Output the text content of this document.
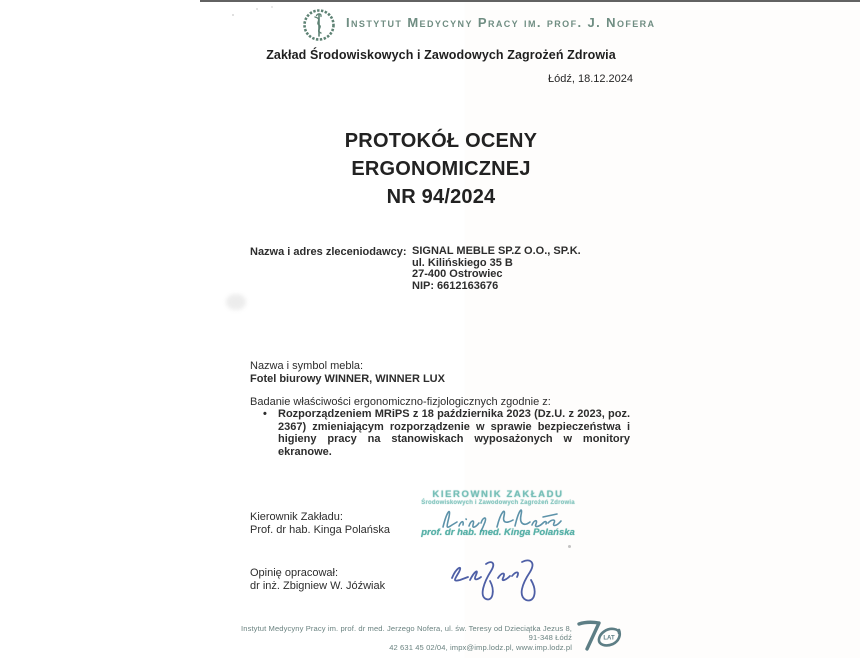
Instytut Medycyny Pracy im. prof. J. Nofera
Zakład Środowiskowych i Zawodowych Zagrożeń Zdrowia
Łódź, 18.12.2024
PROTOKÓŁ OCENY
ERGONOMICZNEJ
NR 94/2024
Nazwa i adres zleceniodawcy: SIGNAL MEBLE SP.Z O.O., SP.K.
ul. Kilińskiego 35 B
27-400 Ostrowiec
NIP: 6612163676
Nazwa i symbol mebla:
Fotel biurowy WINNER, WINNER LUX
Badanie właściwości ergonomiczno-fizjologicznych zgodnie z:
• Rozporządzeniem MRiPS z 18 października 2023 (Dz.U. z 2023, poz. 2367) zmieniającym rozporządzenie w sprawie bezpieczeństwa i higieny pracy na stanowiskach wyposażonych w monitory ekranowe.
KIEROWNIK ZAKŁADU
Środowiskowych i Zawodowych Zagrożeń Zdrowia
prof. dr hab. med. Kinga Polańska
Kierownik Zakładu:
Prof. dr hab. Kinga Polańska
Opinię opracował:
dr inż. Zbigniew W. Jóźwiak
Instytut Medycyny Pracy im. prof. dr med. Jerzego Nofera, ul. św. Teresy od Dzieciątka Jezus 8, 91-348 Łódź
42 631 45 02/04, impx@imp.lodz.pl, www.imp.lodz.pl
LAT
